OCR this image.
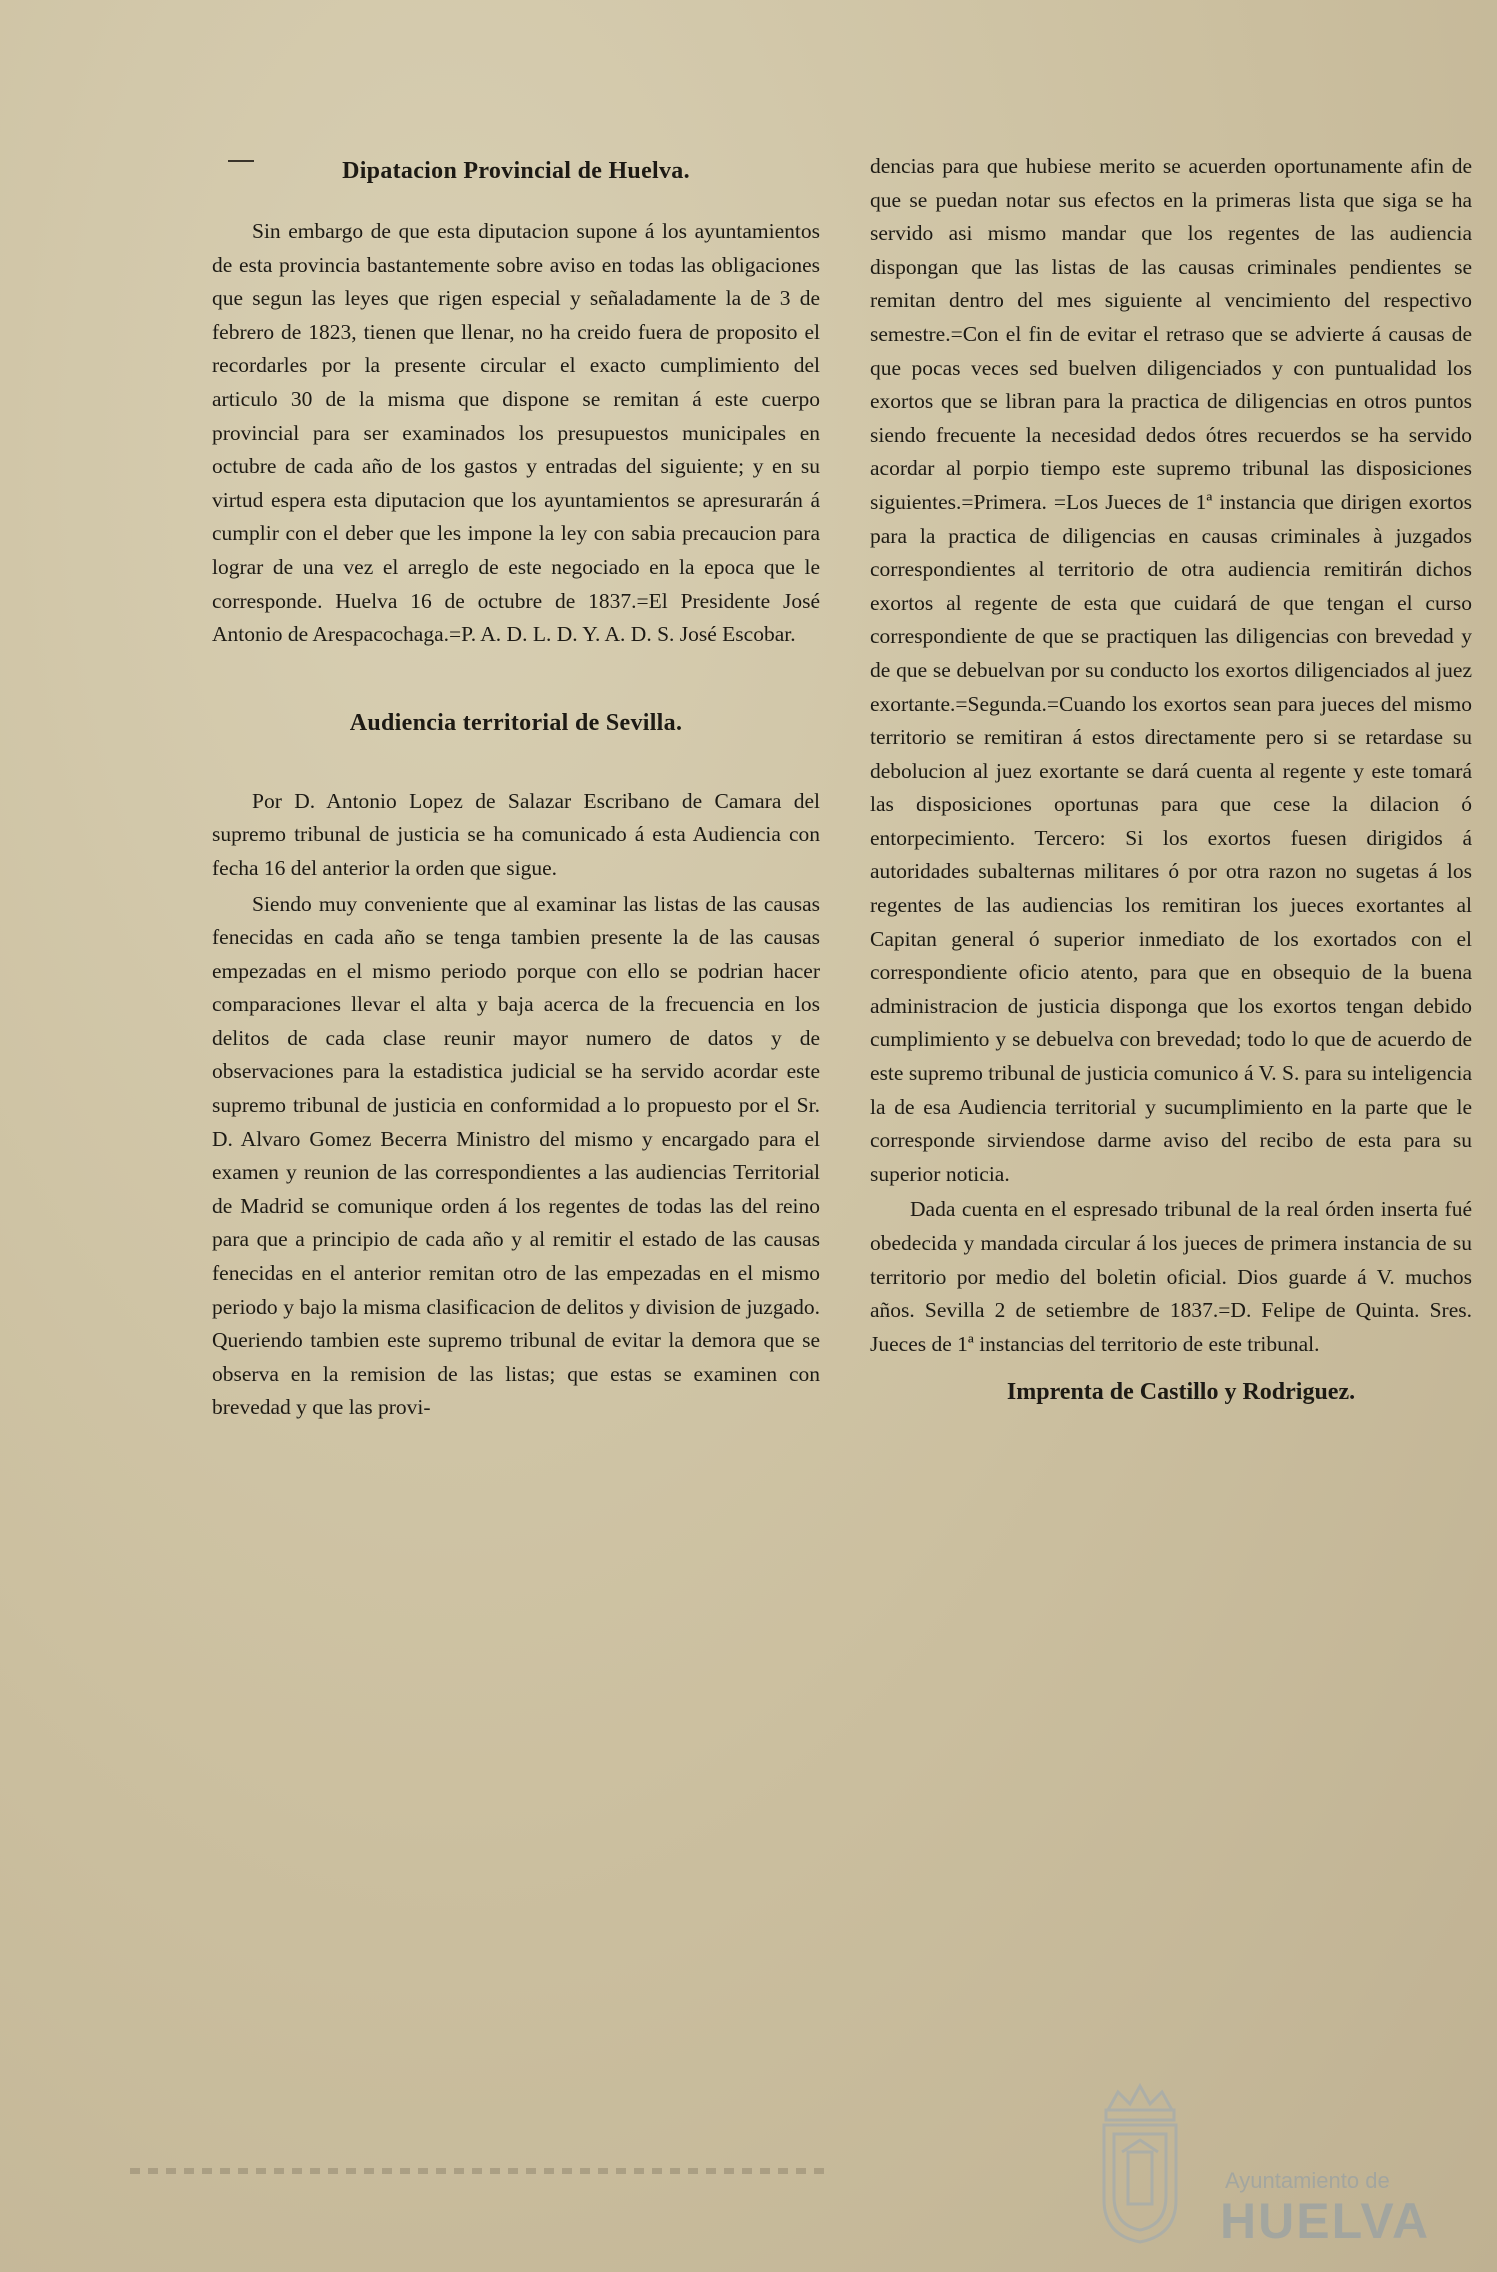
Dipatacion Provincial de Huelva.

Sin embargo de que esta diputacion supone á los ayuntamientos de esta provincia bastantemente sobre aviso en todas las obligaciones que segun las leyes que rigen especial y señaladamente la de 3 de febrero de 1823, tienen que llenar, no ha creido fuera de proposito el recordarles por la presente circular el exacto cumplimiento del articulo 30 de la misma que dispone se remitan á este cuerpo provincial para ser examinados los presupuestos municipales en octubre de cada año de los gastos y entradas del siguiente; y en su virtud espera esta diputacion que los ayuntamientos se apresurarán á cumplir con el deber que les impone la ley con sabia precaucion para lograr de una vez el arreglo de este negociado en la epoca que le corresponde. Huelva 16 de octubre de 1837.=El Presidente José Antonio de Arespacochaga.=P. A. D. L. D. Y. A. D. S. José Escobar.

Audiencia territorial de Sevilla.

Por D. Antonio Lopez de Salazar Escribano de Camara del supremo tribunal de justicia se ha comunicado á esta Audiencia con fecha 16 del anterior la orden que sigue.

Siendo muy conveniente que al examinar las listas de las causas fenecidas en cada año se tenga tambien presente la de las causas empezadas en el mismo periodo porque con ello se podrian hacer comparaciones llevar el alta y baja acerca de la frecuencia en los delitos de cada clase reunir mayor numero de datos y de observaciones para la estadistica judicial se ha servido acordar este supremo tribunal de justicia en conformidad a lo propuesto por el Sr. D. Alvaro Gomez Becerra Ministro del mismo y encargado para el examen y reunion de las correspondientes a las audiencias Territorial de Madrid se comunique orden á los regentes de todas las del reino para que a principio de cada año y al remitir el estado de las causas fenecidas en el anterior remitan otro de las empezadas en el mismo periodo y bajo la misma clasificacion de delitos y division de juzgado. Queriendo tambien este supremo tribunal de evitar la demora que se observa en la remision de las listas; que estas se examinen con brevedad y que las provi-

dencias para que hubiese merito se acuerden oportunamente afin de que se puedan notar sus efectos en la primeras lista que siga se ha servido asi mismo mandar que los regentes de las audiencia dispongan que las listas de las causas criminales pendientes se remitan dentro del mes siguiente al vencimiento del respectivo semestre.=Con el fin de evitar el retraso que se advierte á causas de que pocas veces sed buelven diligenciados y con puntualidad los exortos que se libran para la practica de diligencias en otros puntos siendo frecuente la necesidad dedos ótres recuerdos se ha servido acordar al porpio tiempo este supremo tribunal las disposiciones siguientes.=Primera. =Los Jueces de 1ª instancia que dirigen exortos para la practica de diligencias en causas criminales à juzgados correspondientes al territorio de otra audiencia remitirán dichos exortos al regente de esta que cuidará de que tengan el curso correspondiente de que se practiquen las diligencias con brevedad y de que se debuelvan por su conducto los exortos diligenciados al juez exortante.=Segunda.=Cuando los exortos sean para jueces del mismo territorio se remitiran á estos directamente pero si se retardase su debolucion al juez exortante se dará cuenta al regente y este tomará las disposiciones oportunas para que cese la dilacion ó entorpecimiento. Tercero: Si los exortos fuesen dirigidos á autoridades subalternas militares ó por otra razon no sugetas á los regentes de las audiencias los remitiran los jueces exortantes al Capitan general ó superior inmediato de los exortados con el correspondiente oficio atento, para que en obsequio de la buena administracion de justicia disponga que los exortos tengan debido cumplimiento y se debuelva con brevedad; todo lo que de acuerdo de este supremo tribunal de justicia comunico á V. S. para su inteligencia la de esa Audiencia territorial y sucumplimiento en la parte que le corresponde sirviendose darme aviso del recibo de esta para su superior noticia.

Dada cuenta en el espresado tribunal de la real órden inserta fué obedecida y mandada circular á los jueces de primera instancia de su territorio por medio del boletin oficial. Dios guarde á V. muchos años. Sevilla 2 de setiembre de 1837.=D. Felipe de Quinta. Sres. Jueces de 1ª instancias del territorio de este tribunal.

Imprenta de Castillo y Rodriguez.
Ayuntamiento de
HUELVA
